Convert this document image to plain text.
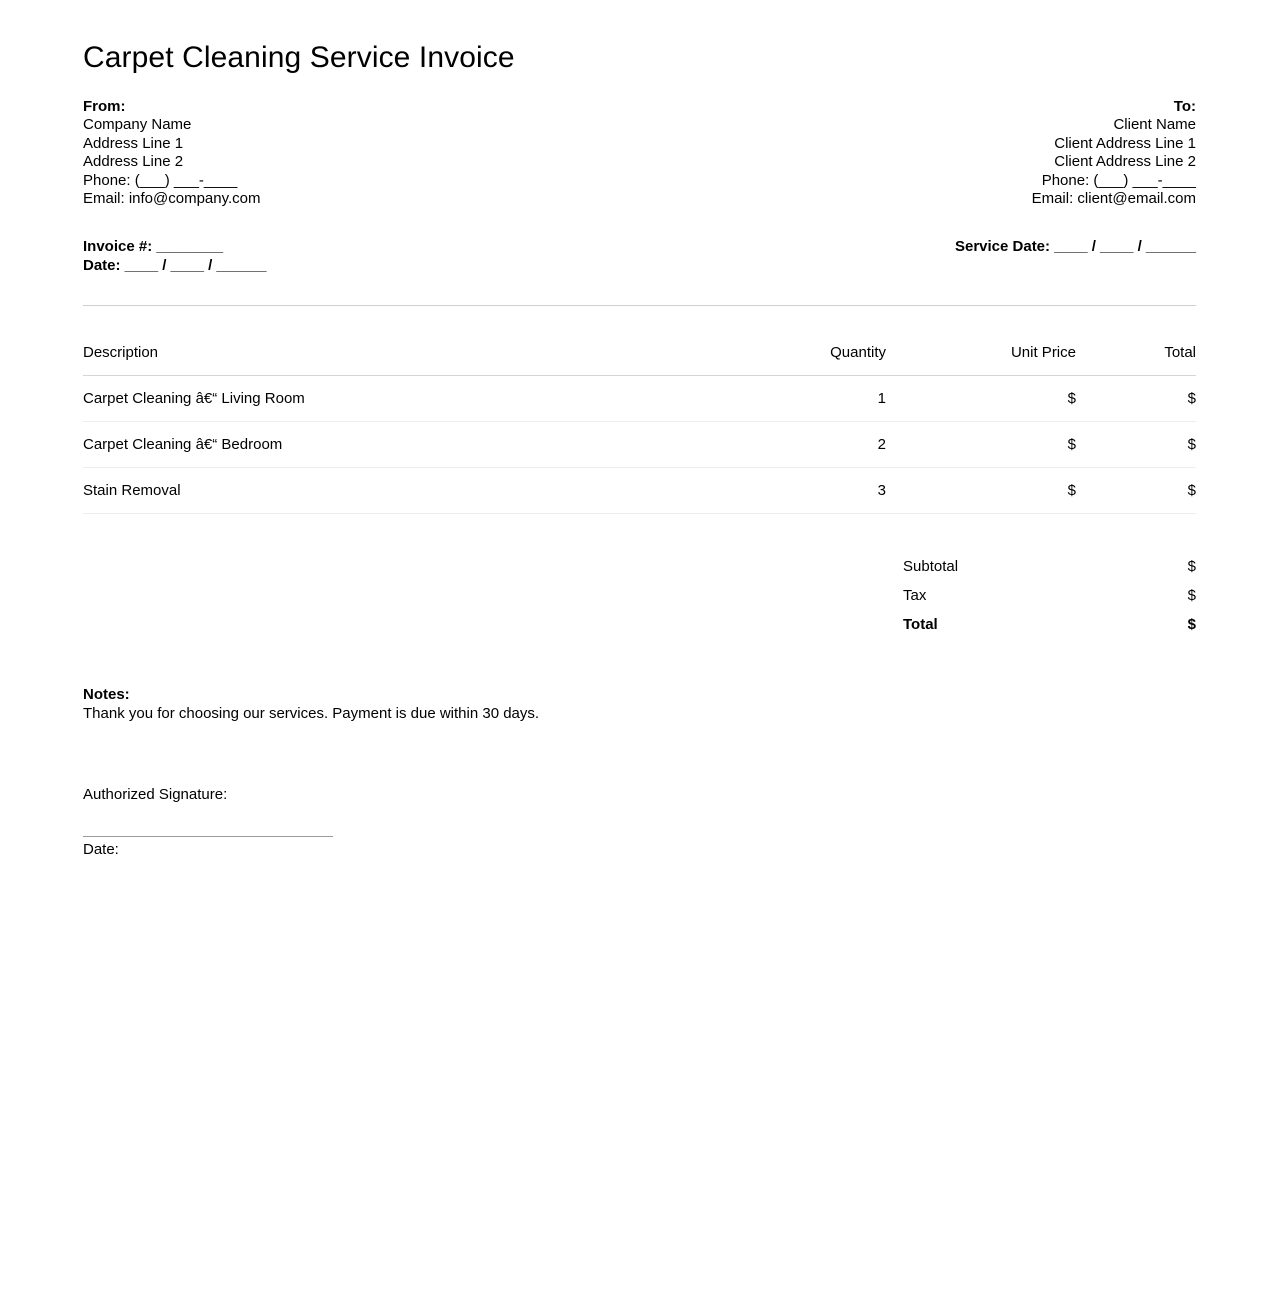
Carpet Cleaning Service Invoice
From:
Company Name
Address Line 1
Address Line 2
Phone: (___) ___-____
Email: info@company.com
To:
Client Name
Client Address Line 1
Client Address Line 2
Phone: (___) ___-____
Email: client@email.com
Invoice #: ________
Date: ____ / ____ / ______
Service Date: ____ / ____ / ______
Description	Quantity	Unit Price	Total
Carpet Cleaning â€“ Living Room	1	$	$
Carpet Cleaning â€“ Bedroom	2	$	$
Stain Removal	3	$	$
Subtotal	$
Tax	$
Total	$
Notes:
Thank you for choosing our services. Payment is due within 30 days.
Authorized Signature:
Date:
